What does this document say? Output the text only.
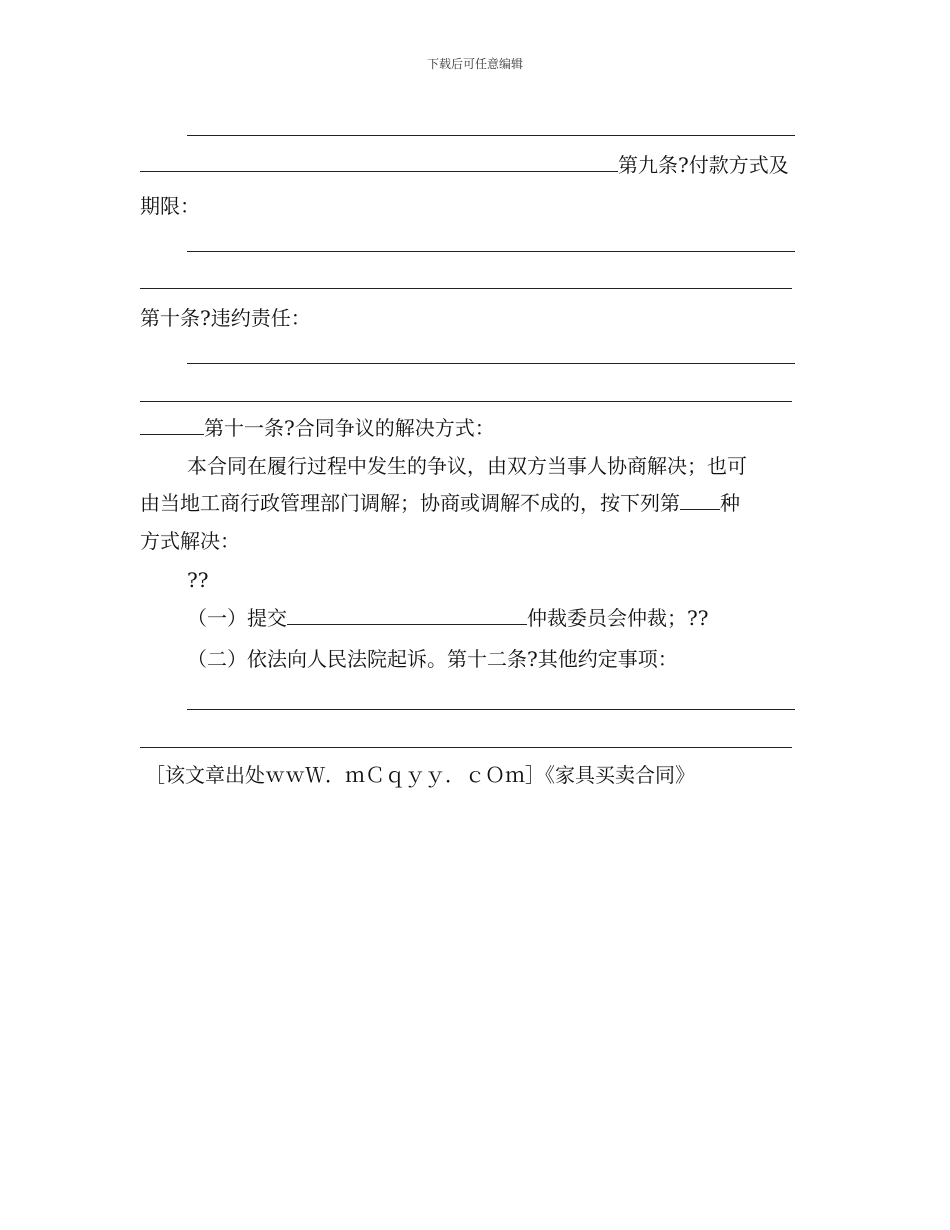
下载后可任意编辑
第九条?付款方式及
期限：
第十条?违约责任：
第十一条?合同争议的解决方式：
本合同在履行过程中发生的争议，由双方当事人协商解决；也可
由当地工商行政管理部门调解；协商或调解不成的，按下列第 种
方式解决：
??
（一）提交	仲裁委员会仲裁；??
（二）依法向人民法院起诉。第十二条?其他约定事项：
［该文章出处ｗｗＷ．ｍＣｑｙｙ．ｃＯｍ］《家具买卖合同》
